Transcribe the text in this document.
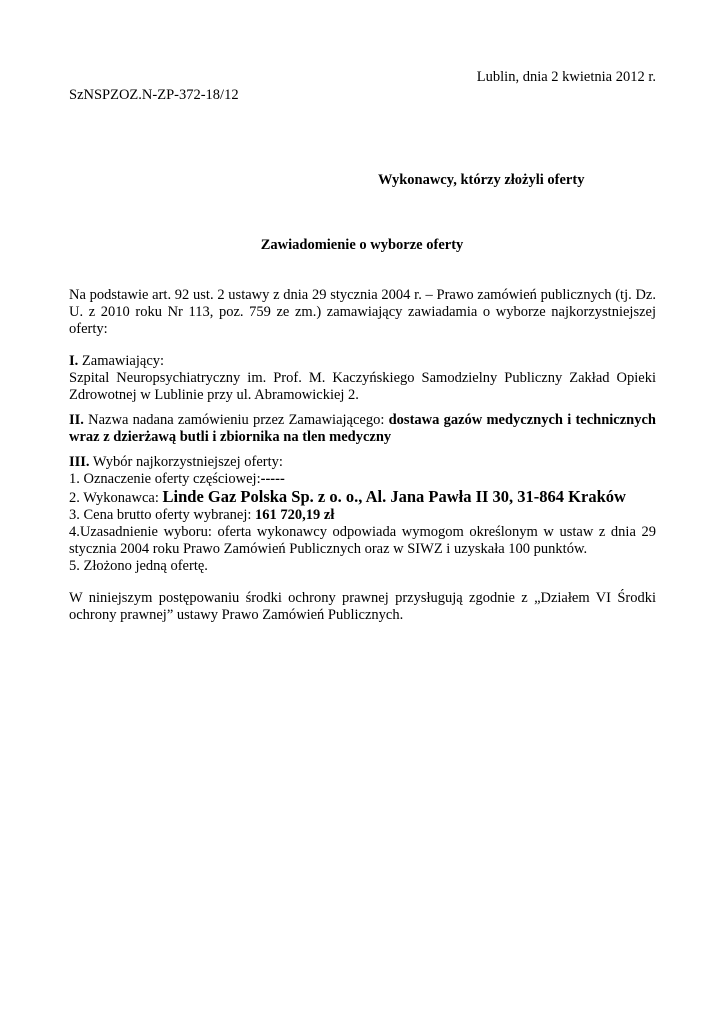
Lublin, dnia 2 kwietnia 2012 r.
SzNSPZOZ.N-ZP-372-18/12
Wykonawcy, którzy złożyli oferty
Zawiadomienie o wyborze oferty

Na podstawie art. 92 ust. 2 ustawy z dnia 29 stycznia 2004 r. – Prawo zamówień publicznych (tj. Dz. U. z 2010 roku Nr 113, poz. 759 ze zm.) zamawiający zawiadamia o wyborze najkorzystniejszej oferty:

I. Zamawiający:
Szpital Neuropsychiatryczny im. Prof. M. Kaczyńskiego Samodzielny Publiczny Zakład Opieki Zdrowotnej w Lublinie przy ul. Abramowickiej 2.
II. Nazwa nadana zamówieniu przez Zamawiającego: dostawa gazów medycznych i technicznych wraz z dzierżawą butli i zbiornika na tlen medyczny
III. Wybór najkorzystniejszej oferty:
1. Oznaczenie oferty częściowej:-----
2. Wykonawca: Linde Gaz Polska Sp. z o. o., Al. Jana Pawła II 30, 31-864 Kraków
3. Cena brutto oferty wybranej: 161 720,19 zł
4.Uzasadnienie wyboru: oferta wykonawcy odpowiada wymogom określonym w ustaw z dnia 29 stycznia 2004 roku Prawo Zamówień Publicznych oraz w SIWZ i uzyskała 100 punktów.
5. Złożono jedną ofertę.

W niniejszym postępowaniu środki ochrony prawnej przysługują zgodnie z „Działem VI Środki ochrony prawnej” ustawy Prawo Zamówień Publicznych.
